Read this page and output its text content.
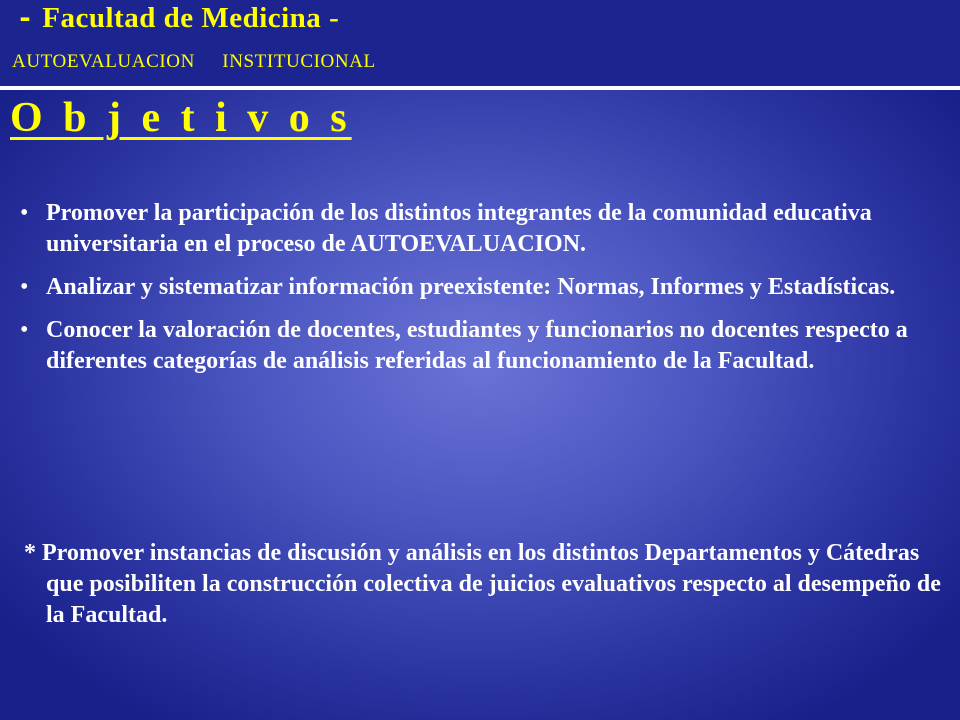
- Facultad de Medicina -

AUTOEVALUACION INSTITUCIONAL

O b j e t i v o s
• Promover la participación de los distintos integrantes de la comunidad educativa universitaria en el proceso de AUTOEVALUACION.
• Analizar y sistematizar información preexistente: Normas, Informes y Estadísticas.
• Conocer la valoración de docentes, estudiantes y funcionarios no docentes respecto a diferentes categorías de análisis referidas al funcionamiento de la Facultad.

* Promover instancias de discusión y análisis en los distintos Departamentos y Cátedras que posibiliten la construcción colectiva de juicios evaluativos respecto al desempeño de la Facultad.
